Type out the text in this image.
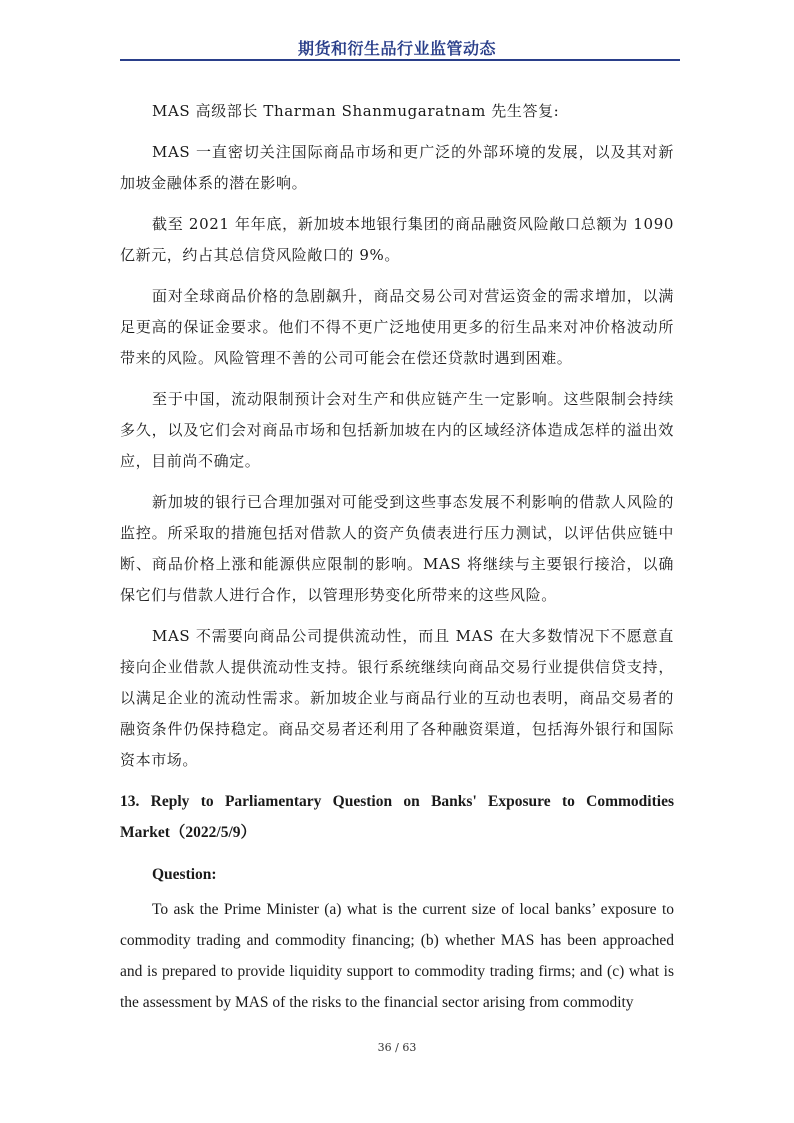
期货和衍生品行业监管动态

MAS 高级部长 Tharman Shanmugaratnam 先生答复:

MAS 一直密切关注国际商品市场和更广泛的外部环境的发展，以及其对新加坡金融体系的潜在影响。

截至 2021 年年底，新加坡本地银行集团的商品融资风险敞口总额为 1090 亿新元，约占其总信贷风险敞口的 9%。

面对全球商品价格的急剧飙升，商品交易公司对营运资金的需求增加，以满足更高的保证金要求。他们不得不更广泛地使用更多的衍生品来对冲价格波动所带来的风险。风险管理不善的公司可能会在偿还贷款时遇到困难。

至于中国，流动限制预计会对生产和供应链产生一定影响。这些限制会持续多久，以及它们会对商品市场和包括新加坡在内的区域经济体造成怎样的溢出效应，目前尚不确定。

新加坡的银行已合理加强对可能受到这些事态发展不利影响的借款人风险的监控。所采取的措施包括对借款人的资产负债表进行压力测试，以评估供应链中断、商品价格上涨和能源供应限制的影响。MAS 将继续与主要银行接洽，以确保它们与借款人进行合作，以管理形势变化所带来的这些风险。

MAS 不需要向商品公司提供流动性，而且 MAS 在大多数情况下不愿意直接向企业借款人提供流动性支持。银行系统继续向商品交易行业提供信贷支持，以满足企业的流动性需求。新加坡企业与商品行业的互动也表明，商品交易者的融资条件仍保持稳定。商品交易者还利用了各种融资渠道，包括海外银行和国际资本市场。

13. Reply to Parliamentary Question on Banks' Exposure to Commodities Market（2022/5/9）

Question:

To ask the Prime Minister (a) what is the current size of local banks’ exposure to commodity trading and commodity financing; (b) whether MAS has been approached and is prepared to provide liquidity support to commodity trading firms; and (c) what is the assessment by MAS of the risks to the financial sector arising from commodity

36 / 63
